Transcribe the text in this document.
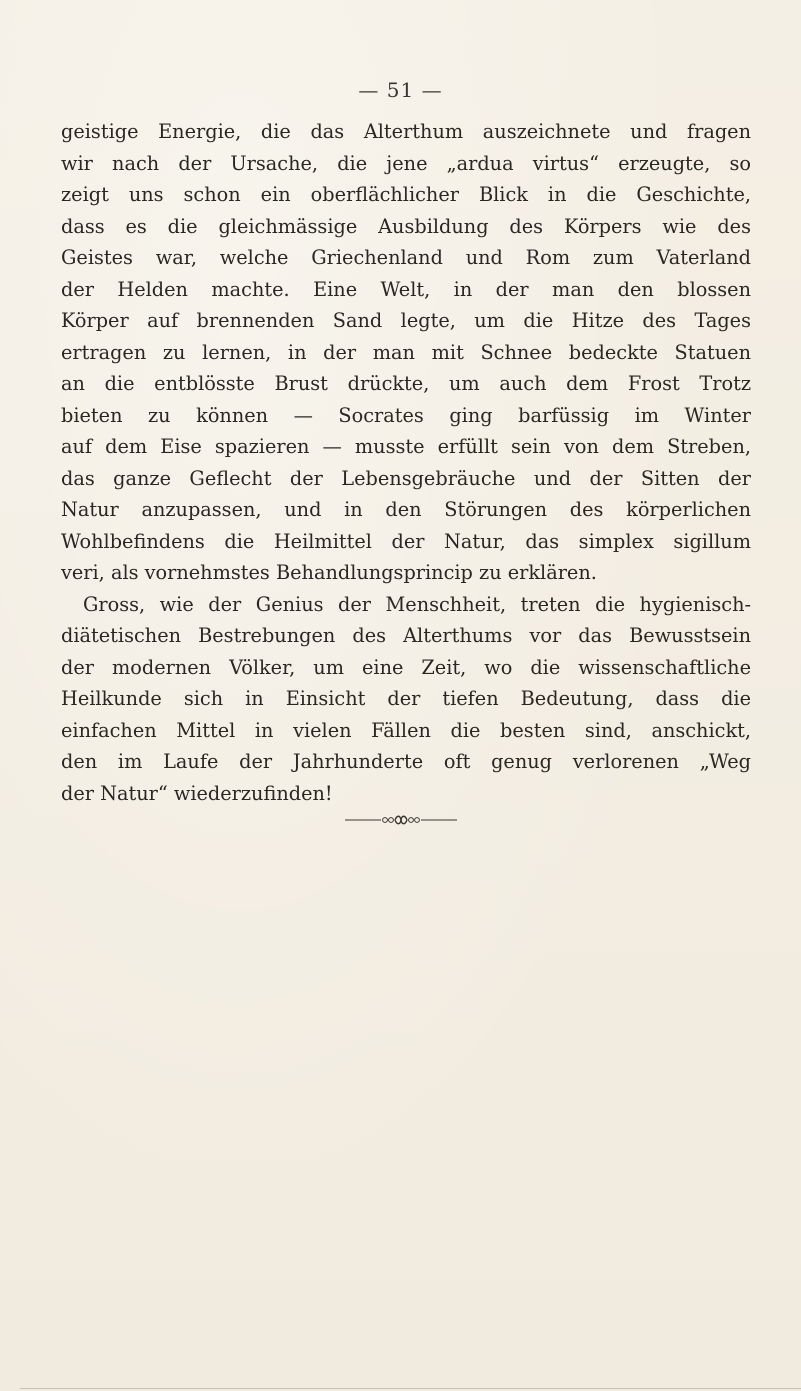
— 51 —
geistige Energie, die das Alterthum auszeichnete und fragen
wir nach der Ursache, die jene „ardua virtus“ erzeugte, so
zeigt uns schon ein oberflächlicher Blick in die Geschichte,
dass es die gleichmässige Ausbildung des Körpers wie des
Geistes war, welche Griechenland und Rom zum Vaterland
der Helden machte. Eine Welt, in der man den blossen
Körper auf brennenden Sand legte, um die Hitze des Tages
ertragen zu lernen, in der man mit Schnee bedeckte Statuen
an die entblösste Brust drückte, um auch dem Frost Trotz
bieten zu können — Socrates ging barfüssig im Winter
auf dem Eise spazieren — musste erfüllt sein von dem Streben,
das ganze Geflecht der Lebensgebräuche und der Sitten der
Natur anzupassen, und in den Störungen des körperlichen
Wohlbefindens die Heilmittel der Natur, das simplex sigillum
veri, als vornehmstes Behandlungsprincip zu erklären.
Gross, wie der Genius der Menschheit, treten die hygienisch-
diätetischen Bestrebungen des Alterthums vor das Bewusstsein
der modernen Völker, um eine Zeit, wo die wissenschaftliche
Heilkunde sich in Einsicht der tiefen Bedeutung, dass die
einfachen Mittel in vielen Fällen die besten sind, anschickt,
den im Laufe der Jahrhunderte oft genug verlorenen „Weg
der Natur“ wiederzufinden!
